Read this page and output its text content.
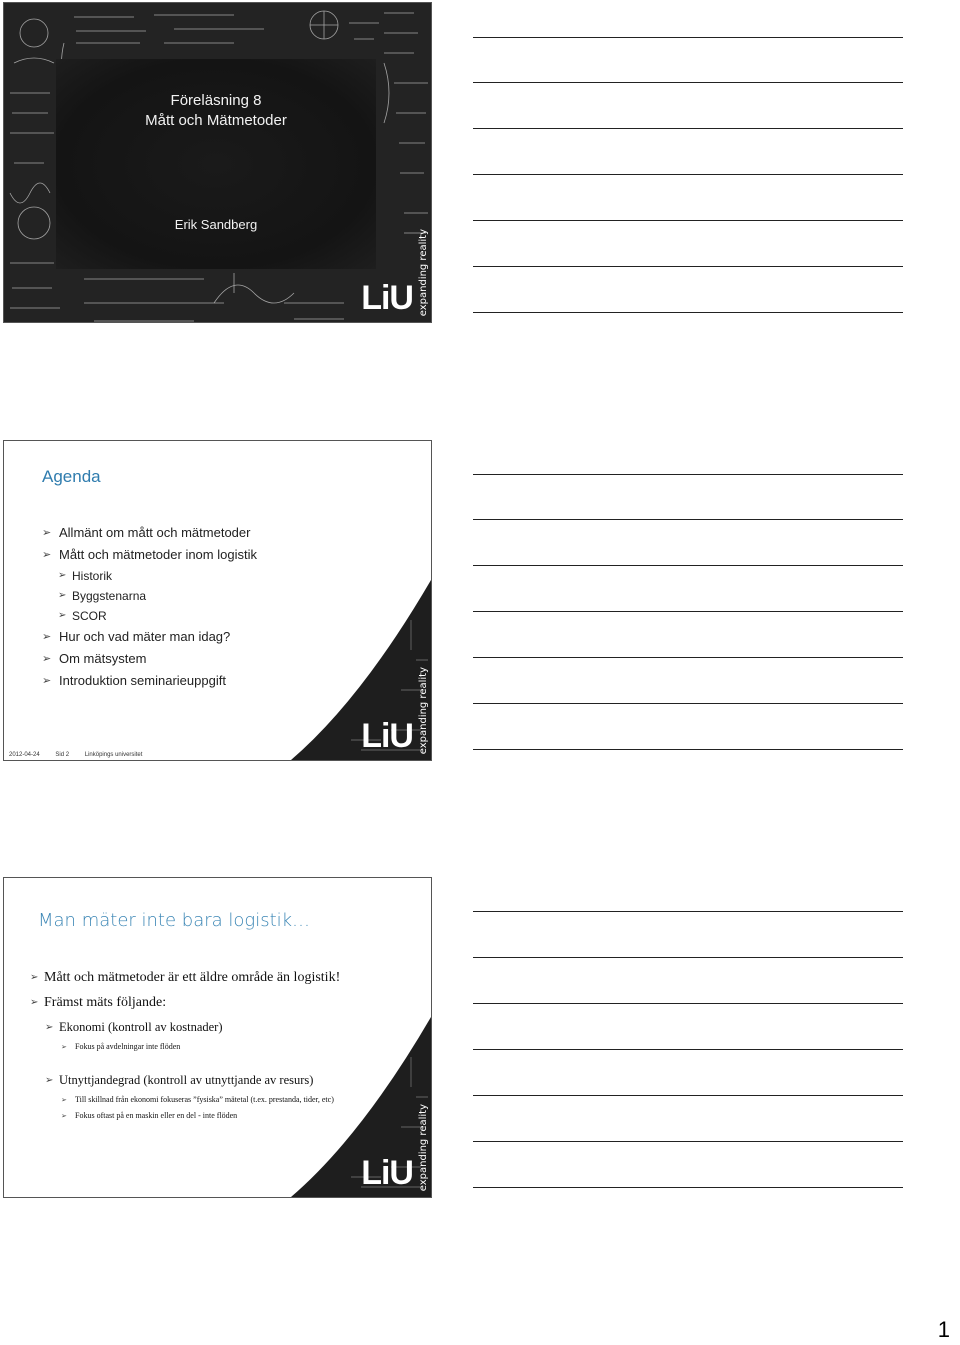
Föreläsning 8
Mått och Mätmetoder
Erik Sandberg
LiU expanding reality
Agenda
➢ Allmänt om mått och mätmetoder
➢ Mått och mätmetoder inom logistik
➢ Historik
➢ Byggstenarna
➢ SCOR
➢ Hur och vad mäter man idag?
➢ Om mätsystem
➢ Introduktion seminarieuppgift
2012-04-24	Sid 2	Linköpings universitet	LiU expanding reality
Man mäter inte bara logistik…
➢ Mått och mätmetoder är ett äldre område än logistik!
➢ Främst mäts följande:
➢ Ekonomi (kontroll av kostnader)
➢ Fokus på avdelningar inte flöden
➢ Utnyttjandegrad (kontroll av utnyttjande av resurs)
➢ Till skillnad från ekonomi fokuseras ”fysiska” mätetal (t.ex. prestanda, tider, etc)
➢ Fokus oftast på en maskin eller en del - inte flöden
LiU expanding reality
1
